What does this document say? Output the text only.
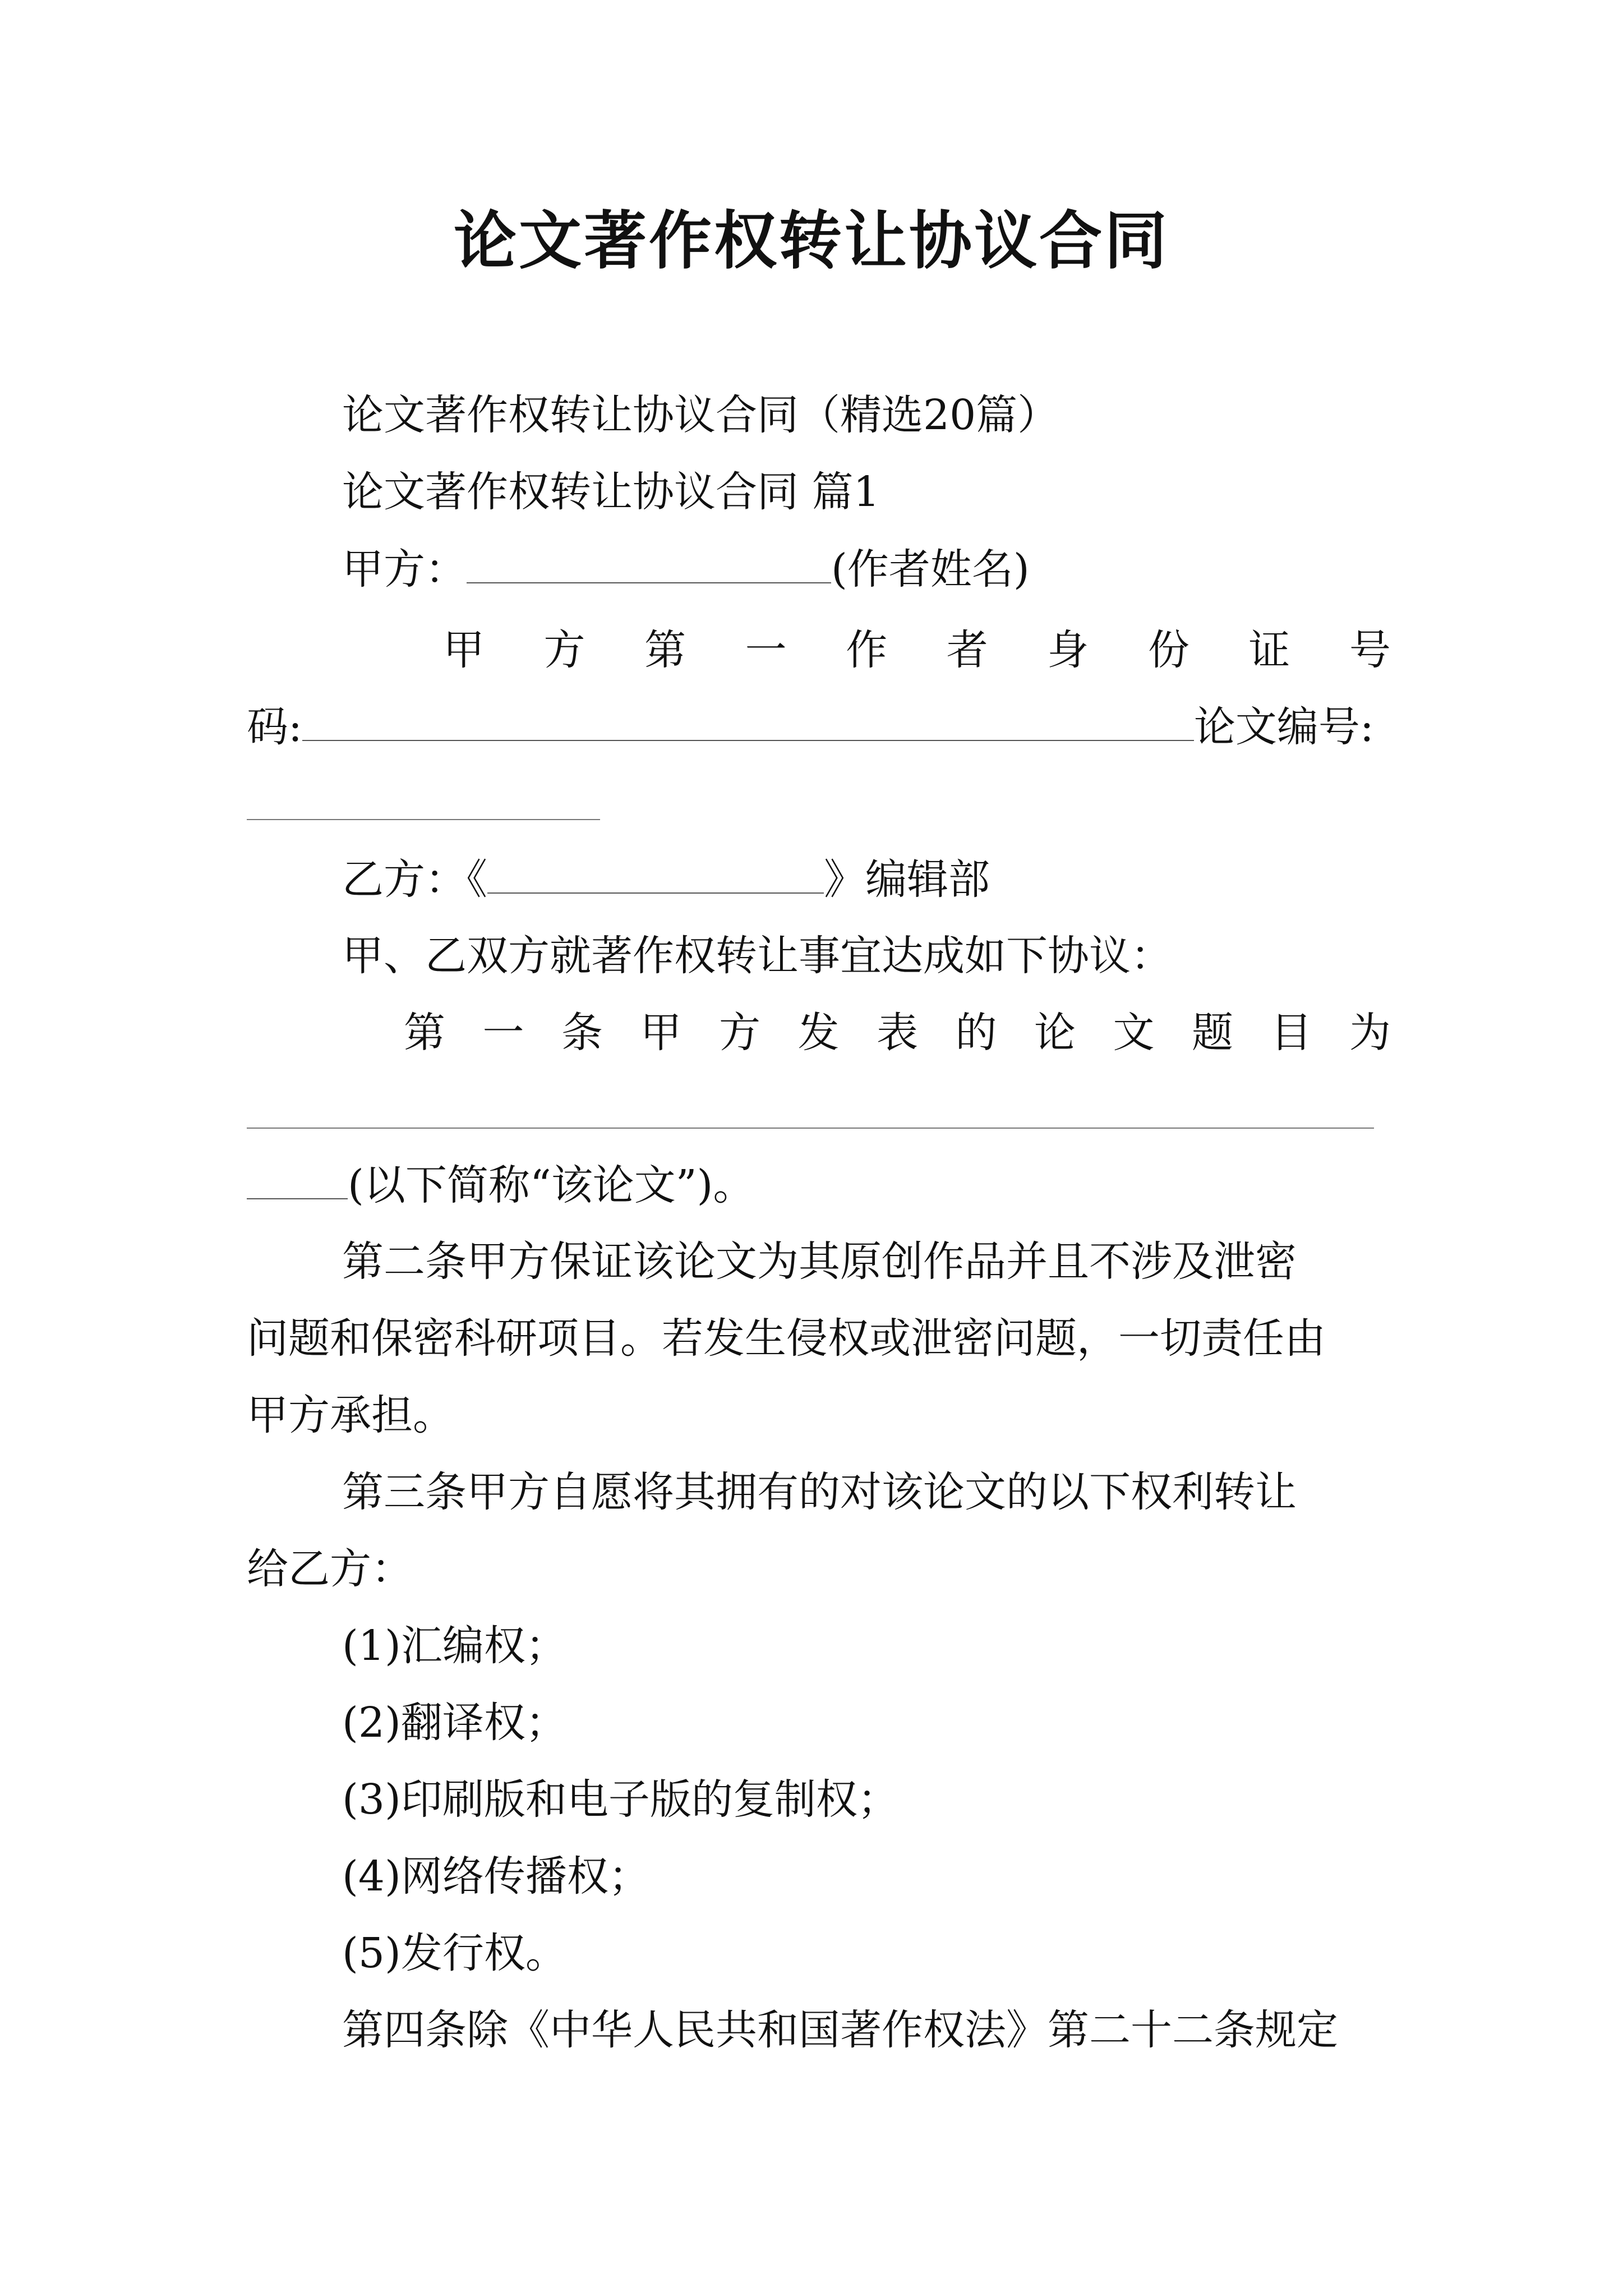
论文著作权转让协议合同
论文著作权转让协议合同（精选20篇）
论文著作权转让协议合同 篇1
甲方：	(作者姓名)
甲 方 第 一 作 者 身 份 证 号
码:	论文编号:
乙方：《	》编辑部
甲、乙双方就著作权转让事宜达成如下协议：
第 一 条 甲 方 发 表 的 论 文 题 目 为
(以下简称“该论文”)。
第二条甲方保证该论文为其原创作品并且不涉及泄密
问题和保密科研项目。若发生侵权或泄密问题，一切责任由
甲方承担。
第三条甲方自愿将其拥有的对该论文的以下权利转让
给乙方：
(1)汇编权；
(2)翻译权；
(3)印刷版和电子版的复制权；
(4)网络传播权；
(5)发行权。
第四条除《中华人民共和国著作权法》第二十二条规定
